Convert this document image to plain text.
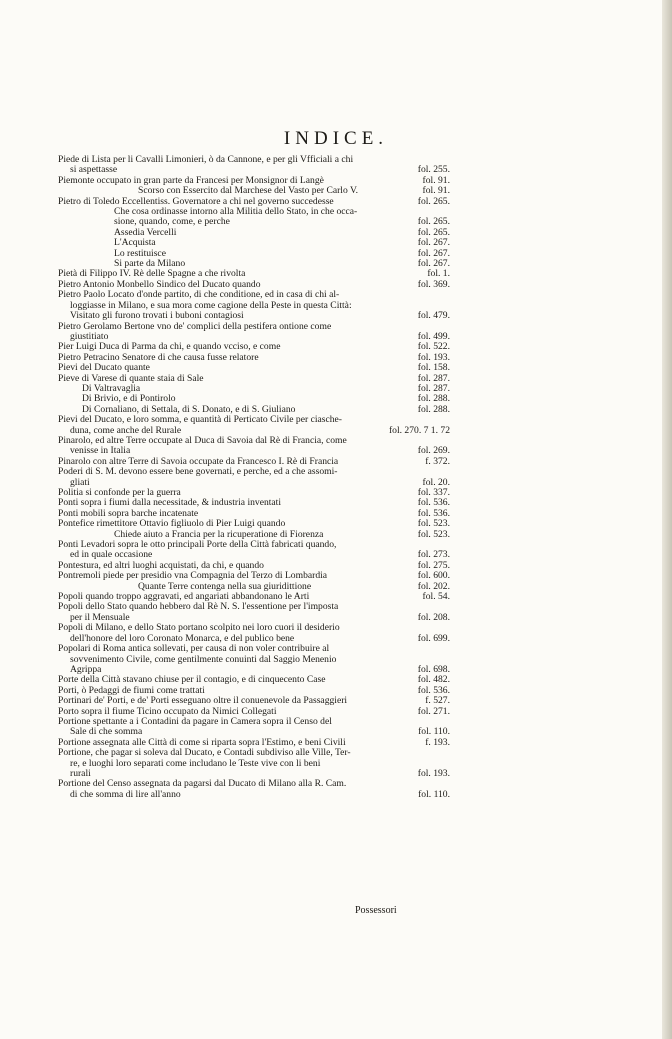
INDICE.
Piede di Lista per li Cavalli Limonieri, ò da Cannone, e per gli Vfficiali a chi
si aspettasse	fol. 255.
Piemonte occupato in gran parte da Francesi per Monsignor di Langè	fol. 91.
Scorso con Essercito dal Marchese del Vasto per Carlo V.	fol. 91.
Pietro di Toledo Eccellentiss. Governatore a chi nel governo succedesse	fol. 265.
Che cosa ordinasse intorno alla Militia dello Stato, in che occa-
sione, quando, come, e perche	fol. 265.
Assedia Vercelli	fol. 265.
L'Acquista	fol. 267.
Lo restituisce	fol. 267.
Si parte da Milano	fol. 267.
Pietà di Filippo IV. Rè delle Spagne a che rivolta	fol. 1.
Pietro Antonio Monbello Sindico del Ducato quando	fol. 369.
Pietro Paolo Locato d'onde partito, di che conditione, ed in casa di chi al-
loggiasse in Milano, e sua mora come cagione della Peste in questa Città:
Visitato gli furono trovati i buboni contagiosi	fol. 479.
Pietro Gerolamo Bertone vno de' complici della pestifera ontione come
giustitiato	fol. 499.
Pier Luigi Duca di Parma da chi, e quando vcciso, e come	fol. 522.
Pietro Petracino Senatore di che causa fusse relatore	fol. 193.
Pievi del Ducato quante	fol. 158.
Pieve di Varese di quante staia di Sale	fol. 287.
Di Valtravaglia	fol. 287.
Di Brivio, e di Pontirolo	fol. 288.
Di Cornaliano, di Settala, di S. Donato, e di S. Giuliano	fol. 288.
Pievi del Ducato, e loro somma, e quantità di Perticato Civile per ciasche-
duna, come anche del Rurale	fol. 270. 7 1. 72
Pinarolo, ed altre Terre occupate al Duca di Savoia dal Rè di Francia, come
venisse in Italia	fol. 269.
Pinarolo con altre Terre di Savoia occupate da Francesco I. Rè di Francia	f. 372.
Poderi di S. M. devono essere bene governati, e perche, ed a che assomi-
gliati	fol. 20.
Politia si confonde per la guerra	fol. 337.
Ponti sopra i fiumi dalla necessitade, & industria inventati	fol. 536.
Ponti mobili sopra barche incatenate	fol. 536.
Pontefice rimettitore Ottavio figliuolo di Pier Luigi quando	fol. 523.
Chiede aiuto a Francia per la ricuperatione di Fiorenza	fol. 523.
Ponti Levadori sopra le otto principali Porte della Città fabricati quando,
ed in quale occasione	fol. 273.
Pontestura, ed altri luoghi acquistati, da chi, e quando	fol. 275.
Pontremoli piede per presidio vna Compagnia del Terzo di Lombardia	fol. 600.
Quante Terre contenga nella sua giuridittione	fol. 202.
Popoli quando troppo aggravati, ed angariati abbandonano le Arti	fol. 54.
Popoli dello Stato quando hebbero dal Rè N. S. l'essentione per l'imposta
per il Mensuale	fol. 208.
Popoli di Milano, e dello Stato portano scolpito nei loro cuori il desiderio
dell'honore del loro Coronato Monarca, e del publico bene	fol. 699.
Popolari di Roma antica sollevati, per causa di non voler contribuire al
sovvenimento Civile, come gentilmente conuinti dal Saggio Menenio
Agrippa	fol. 698.
Porte della Città stavano chiuse per il contagio, e di cinquecento Case	fol. 482.
Porti, ò Pedaggi de fiumi come trattati	fol. 536.
Portinari de' Porti, e de' Porti esseguano oltre il conuenevole da Passaggieri	f. 527.
Porto sopra il fiume Ticino occupato da Nimici Collegati	fol. 271.
Portione spettante a i Contadini da pagare in Camera sopra il Censo del
Sale di che somma	fol. 110.
Portione assegnata alle Città di come si riparta sopra l'Estimo, e beni Civili	f. 193.
Portione, che pagar si soleva dal Ducato, e Contadi subdiviso alle Ville, Ter-
re, e luoghi loro separati come includano le Teste vive con li beni
rurali	fol. 193.
Portione del Censo assegnata da pagarsi dal Ducato di Milano alla R. Cam.
di che somma di lire all'anno	fol. 110.
Possessori
